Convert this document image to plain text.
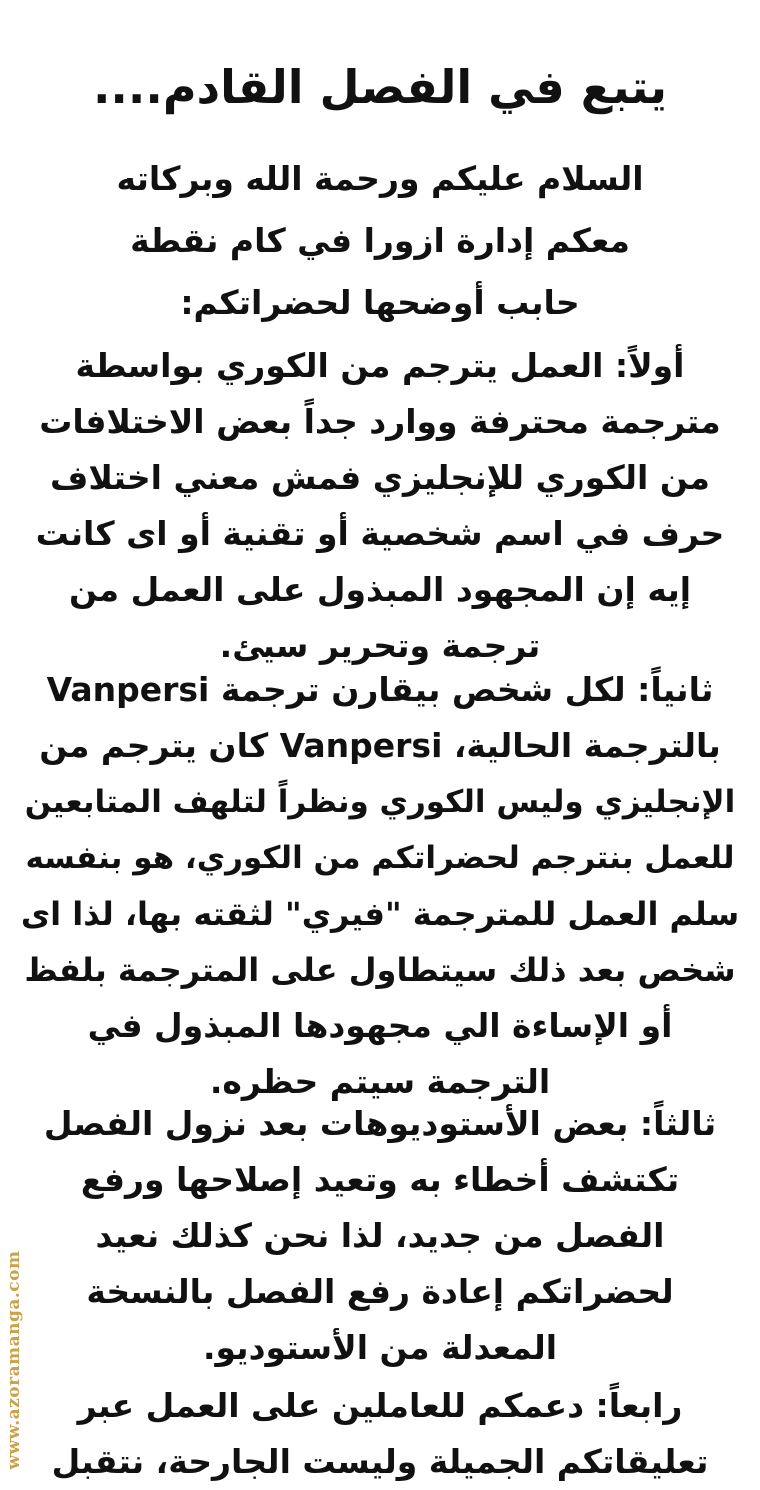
يتبع في الفصل القادم....
السلام عليكم ورحمة الله وبركاته
معكم إدارة ازورا في كام نقطة
حابب أوضحها لحضراتكم:
أولاً: العمل يترجم من الكوري بواسطة
مترجمة محترفة ووارد جداً بعض الاختلافات
من الكوري للإنجليزي فمش معني اختلاف
حرف في اسم شخصية أو تقنية أو اى كانت
إيه إن المجهود المبذول على العمل من
ترجمة وتحرير سيئ.
ثانياً: لكل شخص بيقارن ترجمة Vanpersi
بالترجمة الحالية، Vanpersi كان يترجم من
الإنجليزي وليس الكوري ونظراً لتلهف المتابعين
للعمل بنترجم لحضراتكم من الكوري، هو بنفسه
سلم العمل للمترجمة "فيري" لثقته بها، لذا اى
شخص بعد ذلك سيتطاول على المترجمة بلفظ
أو الإساءة الي مجهودها المبذول في
الترجمة سيتم حظره.
ثالثاً: بعض الأستوديوهات بعد نزول الفصل
تكتشف أخطاء به وتعيد إصلاحها ورفع
الفصل من جديد، لذا نحن كذلك نعيد
لحضراتكم إعادة رفع الفصل بالنسخة
المعدلة من الأستوديو.
رابعاً: دعمكم للعاملين على العمل عبر
تعليقاتكم الجميلة وليست الجارحة، نتقبل
www.azoramanga.com
